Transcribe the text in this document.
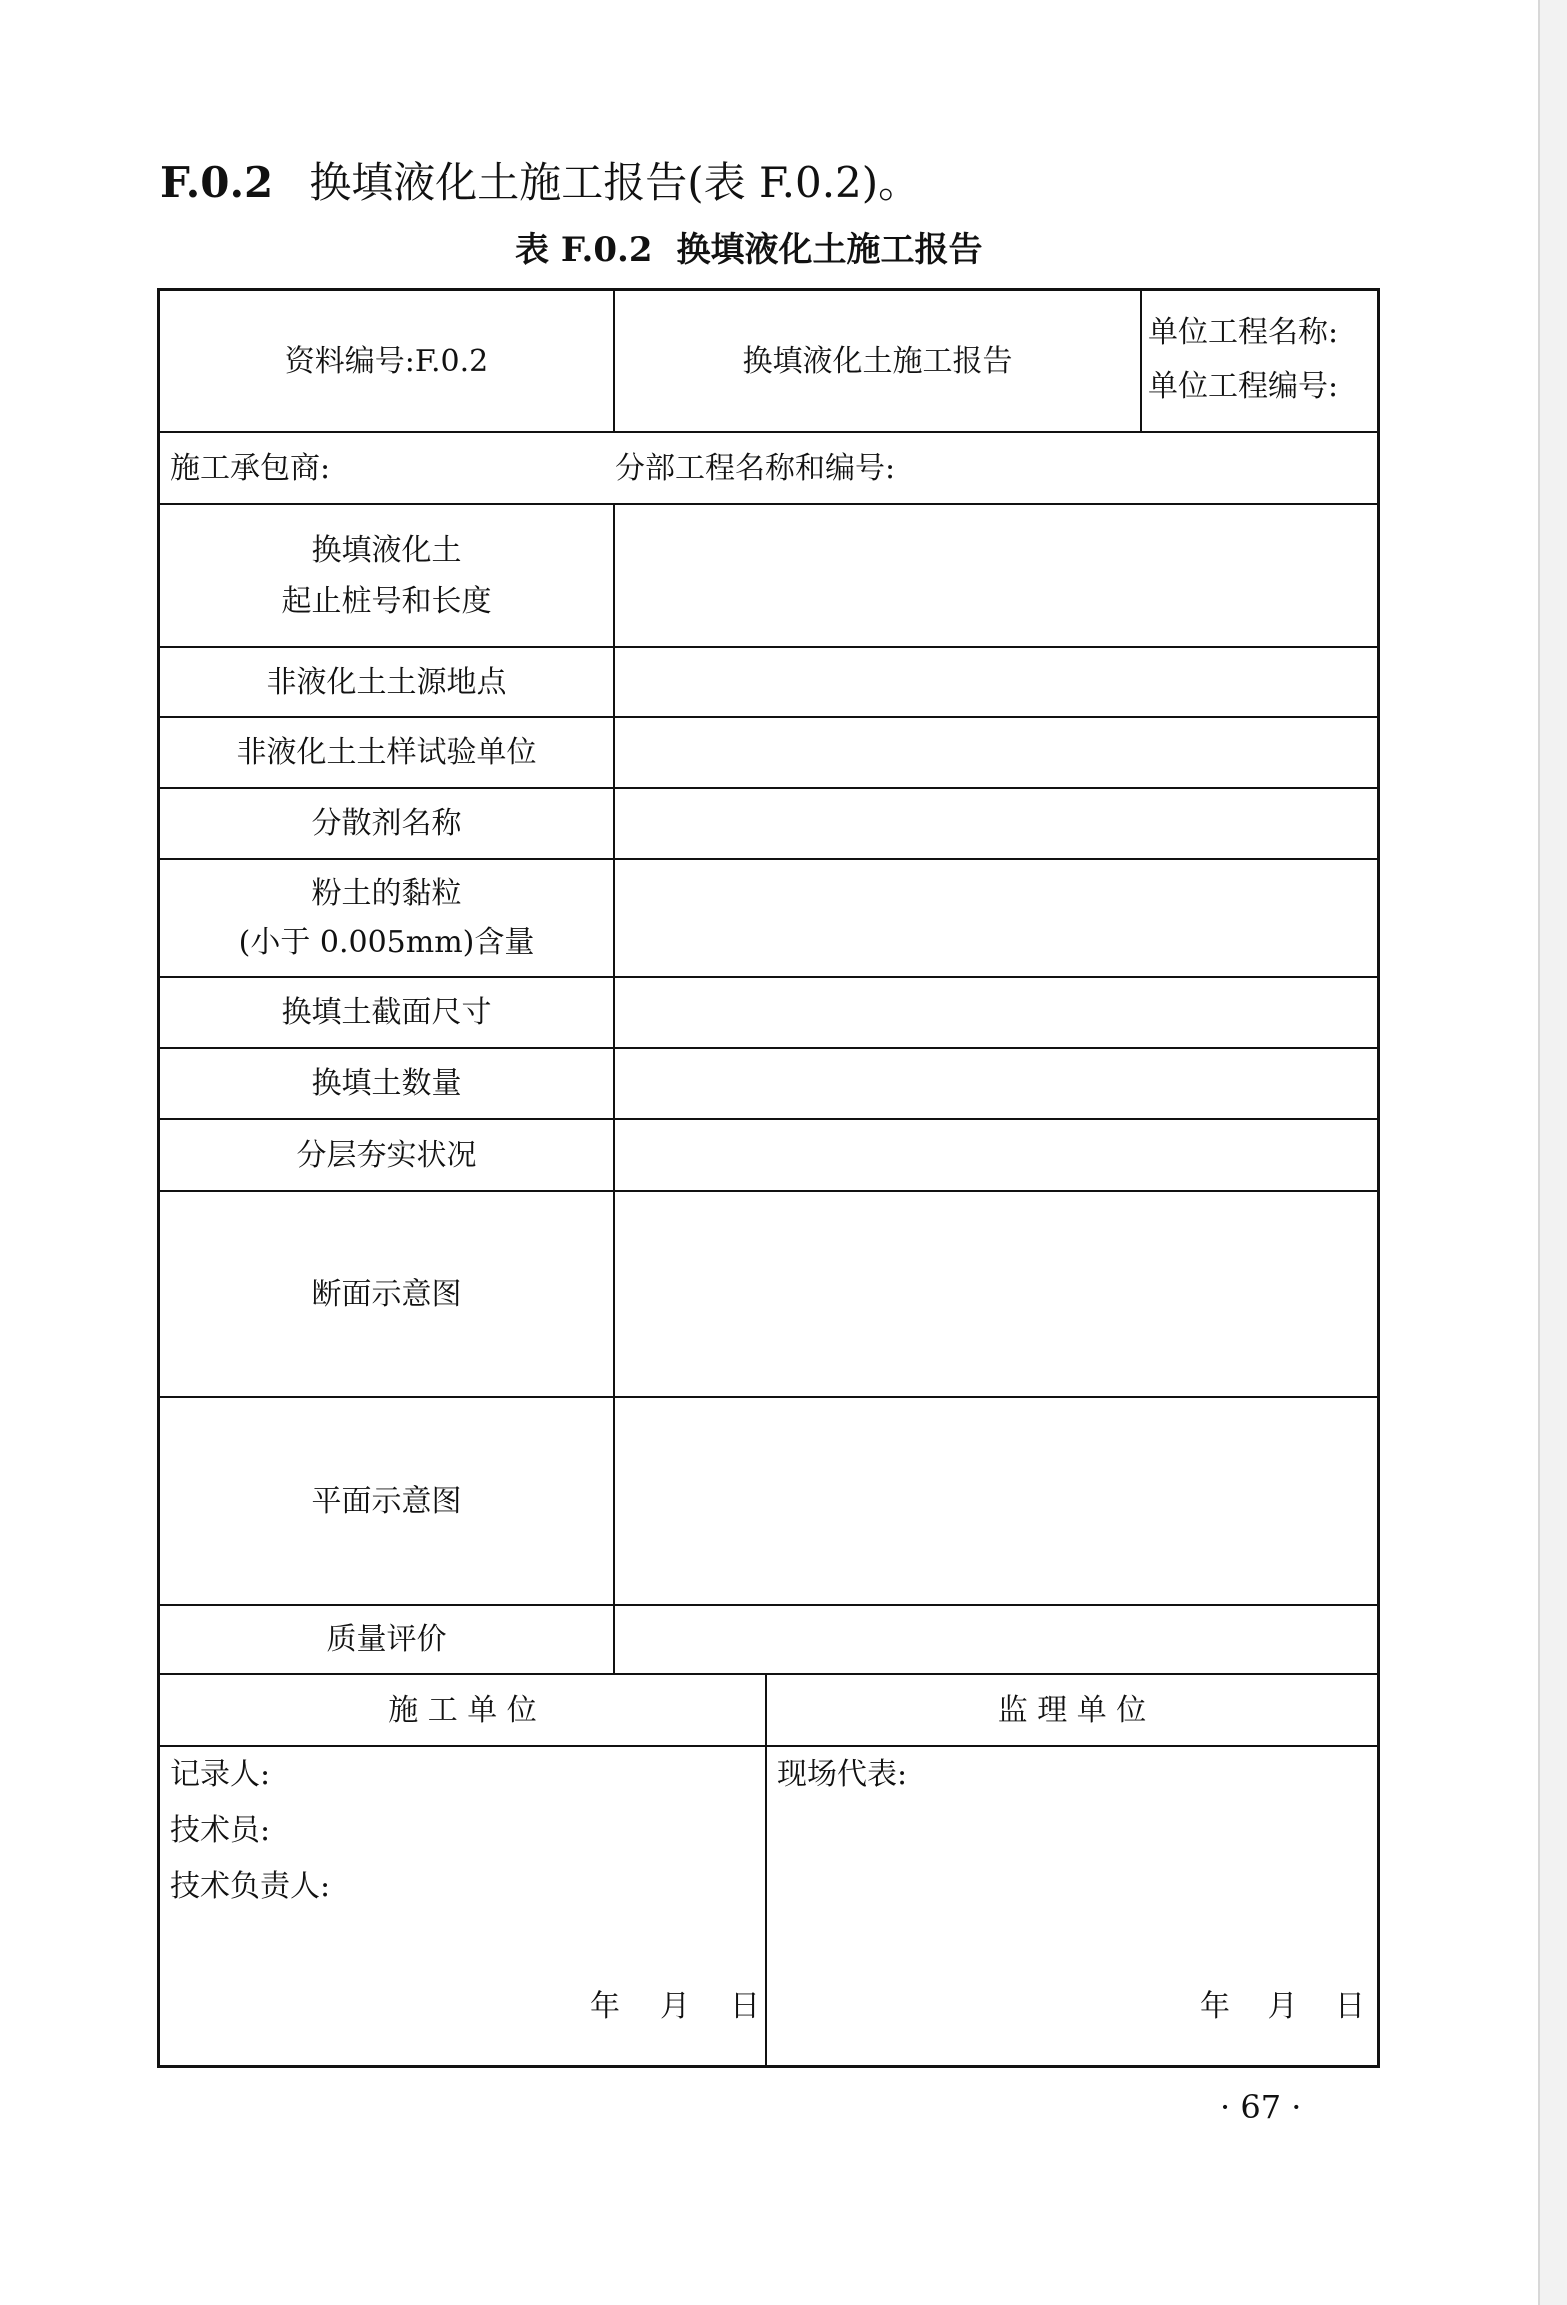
F.0.2 换填液化土施工报告(表 F.0.2)。
表 F.0.2 换填液化土施工报告
资料编号:F.0.2	换填液化土施工报告
单位工程名称:
单位工程编号:
施工承包商:	分部工程名称和编号:
换填液化土
起止桩号和长度
非液化土土源地点
非液化土土样试验单位
分散剂名称
粉土的黏粒
(小于 0.005mm)含量
换填土截面尺寸
换填土数量
分层夯实状况
断面示意图
平面示意图
质量评价
施 工 单 位	监 理 单 位
记录人:
技术员:
技术负责人:
年 月 日
现场代表:
年 月 日
· 67 ·
